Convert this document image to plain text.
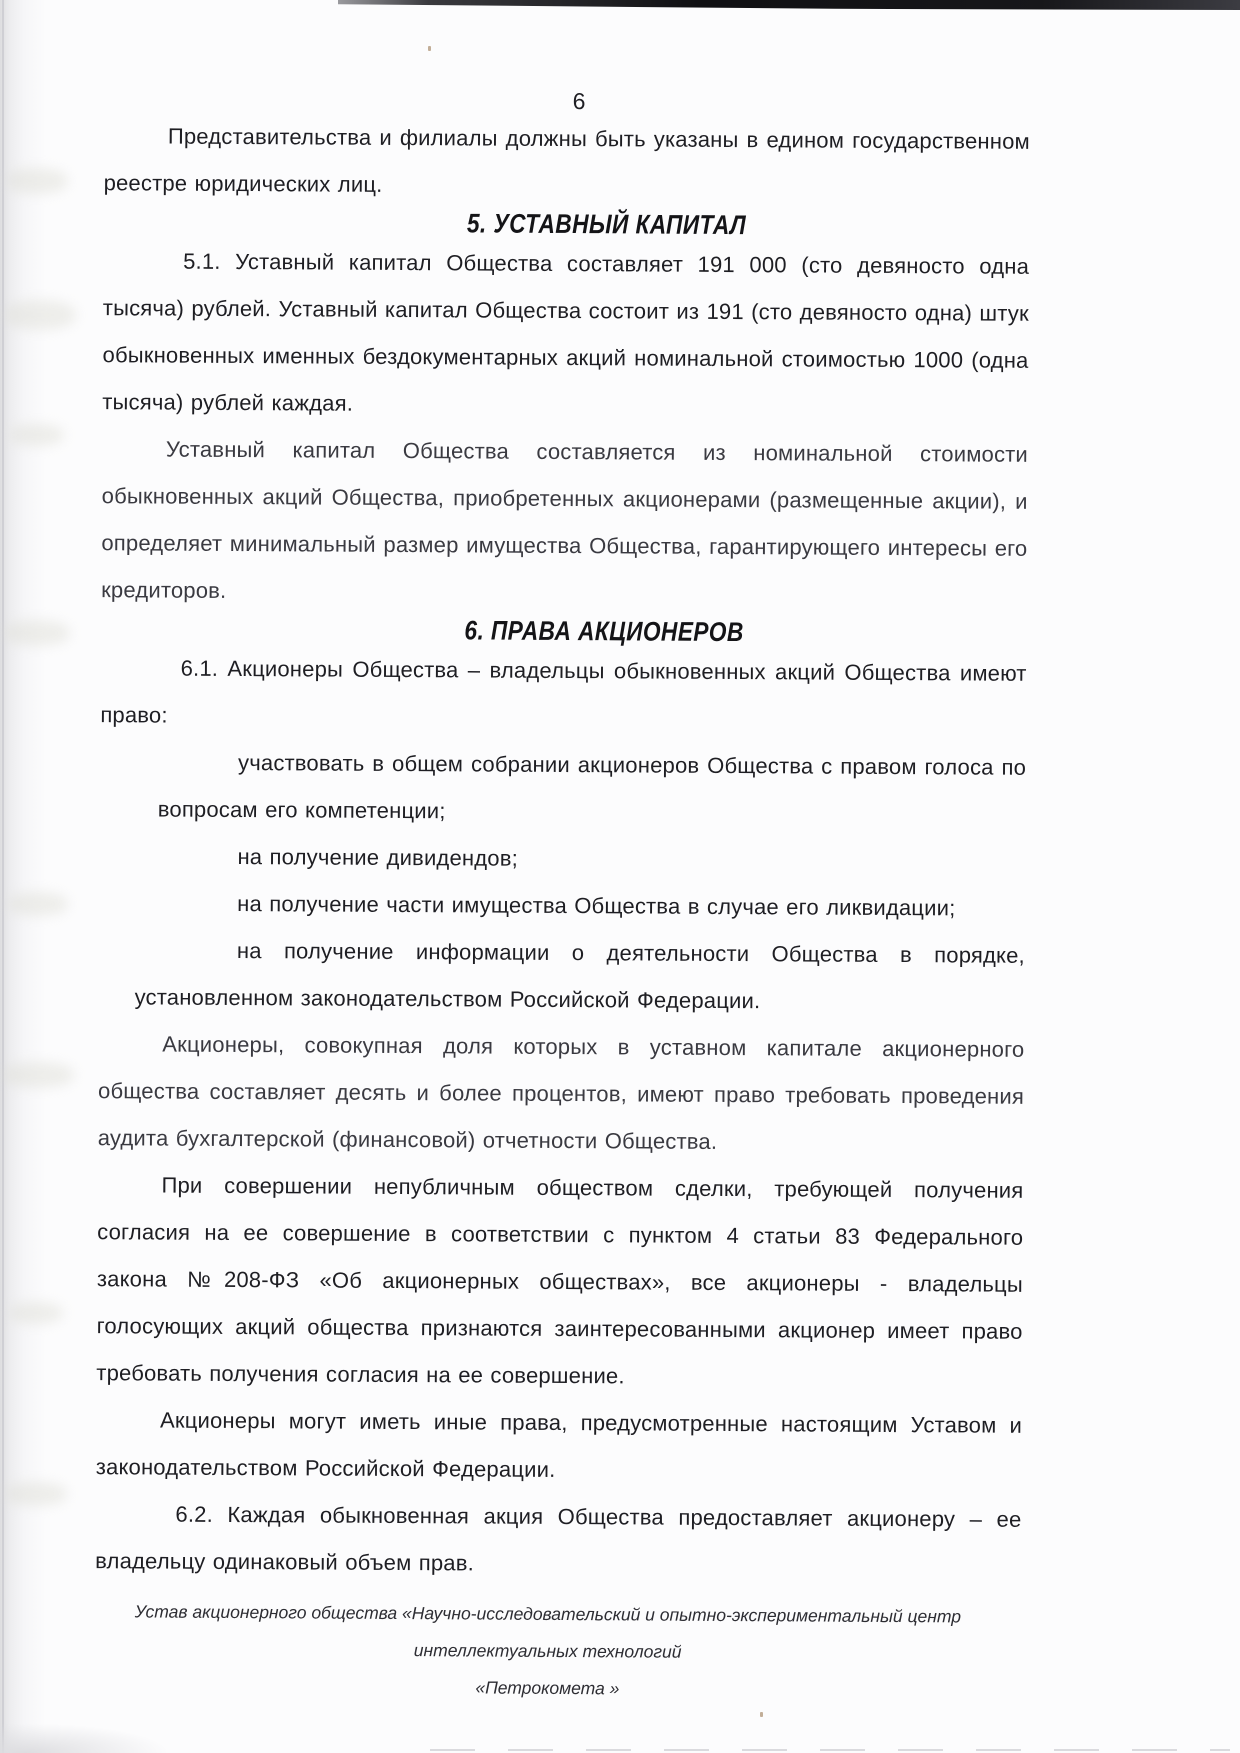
6

Представительства и филиалы должны быть указаны в едином государственном реестре юридических лиц.

5. УСТАВНЫЙ КАПИТАЛ

5.1. Уставный капитал Общества составляет 191 000 (сто девяносто одна тысяча) рублей. Уставный капитал Общества состоит из 191 (сто девяносто одна) штук обыкновенных именных бездокументарных акций номинальной стоимостью 1000 (одна тысяча) рублей каждая.

Уставный капитал Общества составляется из номинальной стоимости обыкновенных акций Общества, приобретенных акционерами (размещенные акции), и определяет минимальный размер имущества Общества, гарантирующего интересы его кредиторов.

6. ПРАВА АКЦИОНЕРОВ

6.1. Акционеры Общества – владельцы обыкновенных акций Общества имеют право:

участвовать в общем собрании акционеров Общества с правом голоса по вопросам его компетенции;

на получение дивидендов;

на получение части имущества Общества в случае его ликвидации;

на получение информации о деятельности Общества в порядке, установленном законодательством Российской Федерации.

Акционеры, совокупная доля которых в уставном капитале акционерного общества составляет десять и более процентов, имеют право требовать проведения аудита бухгалтерской (финансовой) отчетности Общества.

При совершении непубличным обществом сделки, требующей получения согласия на ее совершение в соответствии с пунктом 4 статьи 83 Федерального закона №208-ФЗ «Об акционерных обществах», все акционеры - владельцы голосующих акций общества признаются заинтересованными акционер имеет право требовать получения согласия на ее совершение.

Акционеры могут иметь иные права, предусмотренные настоящим Уставом и законодательством Российской Федерации.

6.2. Каждая обыкновенная акция Общества предоставляет акционеру – ее владельцу одинаковый объем прав.

Устав акционерного общества «Научно-исследовательский и опытно-экспериментальный центр интеллектуальных технологий
«Петрокомета »
